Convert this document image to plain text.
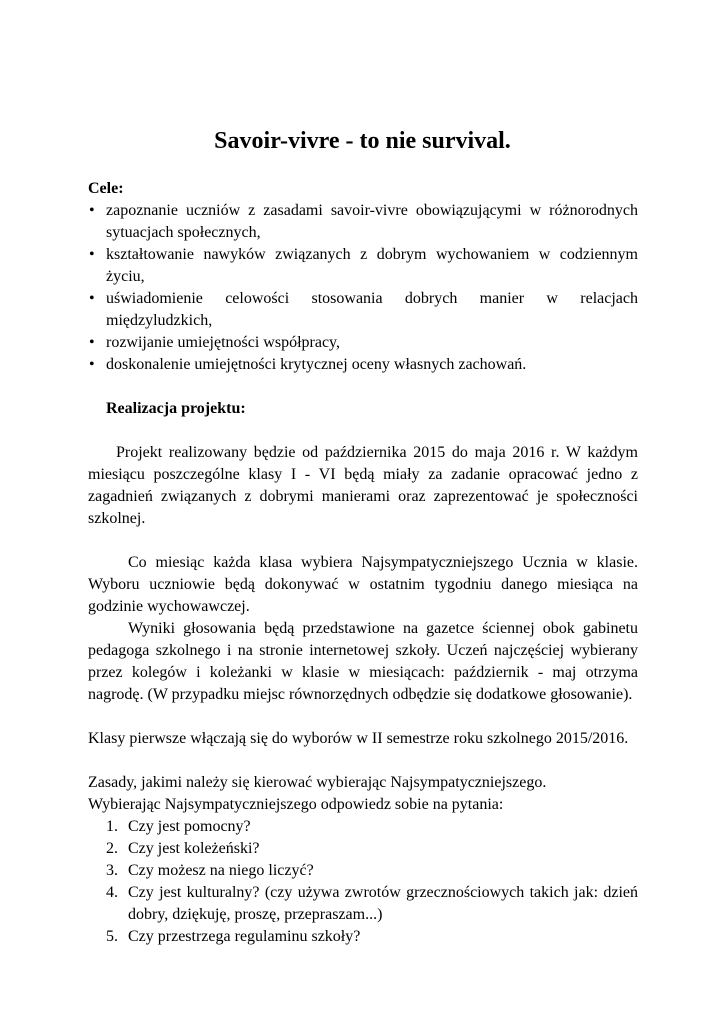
Savoir-vivre - to nie survival.
Cele:
• zapoznanie uczniów z zasadami savoir-vivre obowiązującymi w różnorodnych sytuacjach społecznych,
• kształtowanie nawyków związanych z dobrym wychowaniem w codziennym życiu,
• uświadomienie celowości stosowania dobrych manier w relacjach międzyludzkich,
• rozwijanie umiejętności współpracy,
• doskonalenie umiejętności krytycznej oceny własnych zachowań.
Realizacja projektu:

Projekt realizowany będzie od października 2015 do maja 2016 r. W każdym miesiącu poszczególne klasy I - VI będą miały za zadanie opracować jedno z zagadnień związanych z dobrymi manierami oraz zaprezentować je społeczności szkolnej.

Co miesiąc każda klasa wybiera Najsympatyczniejszego Ucznia w klasie. Wyboru uczniowie będą dokonywać w ostatnim tygodniu danego miesiąca na godzinie wychowawczej.

Wyniki głosowania będą przedstawione na gazetce ściennej obok gabinetu pedagoga szkolnego i na stronie internetowej szkoły. Uczeń najczęściej wybierany przez kolegów i koleżanki w klasie w miesiącach: październik - maj otrzyma nagrodę. (W przypadku miejsc równorzędnych odbędzie się dodatkowe głosowanie).

Klasy pierwsze włączają się do wyborów w II semestrze roku szkolnego 2015/2016.

Zasady, jakimi należy się kierować wybierając Najsympatyczniejszego.

Wybierając Najsympatyczniejszego odpowiedz sobie na pytania:

1. Czy jest pomocny?
2. Czy jest koleżeński?
3. Czy możesz na niego liczyć?
4. Czy jest kulturalny? (czy używa zwrotów grzecznościowych takich jak: dzień dobry, dziękuję, proszę, przepraszam...)
5. Czy przestrzega regulaminu szkoły?
